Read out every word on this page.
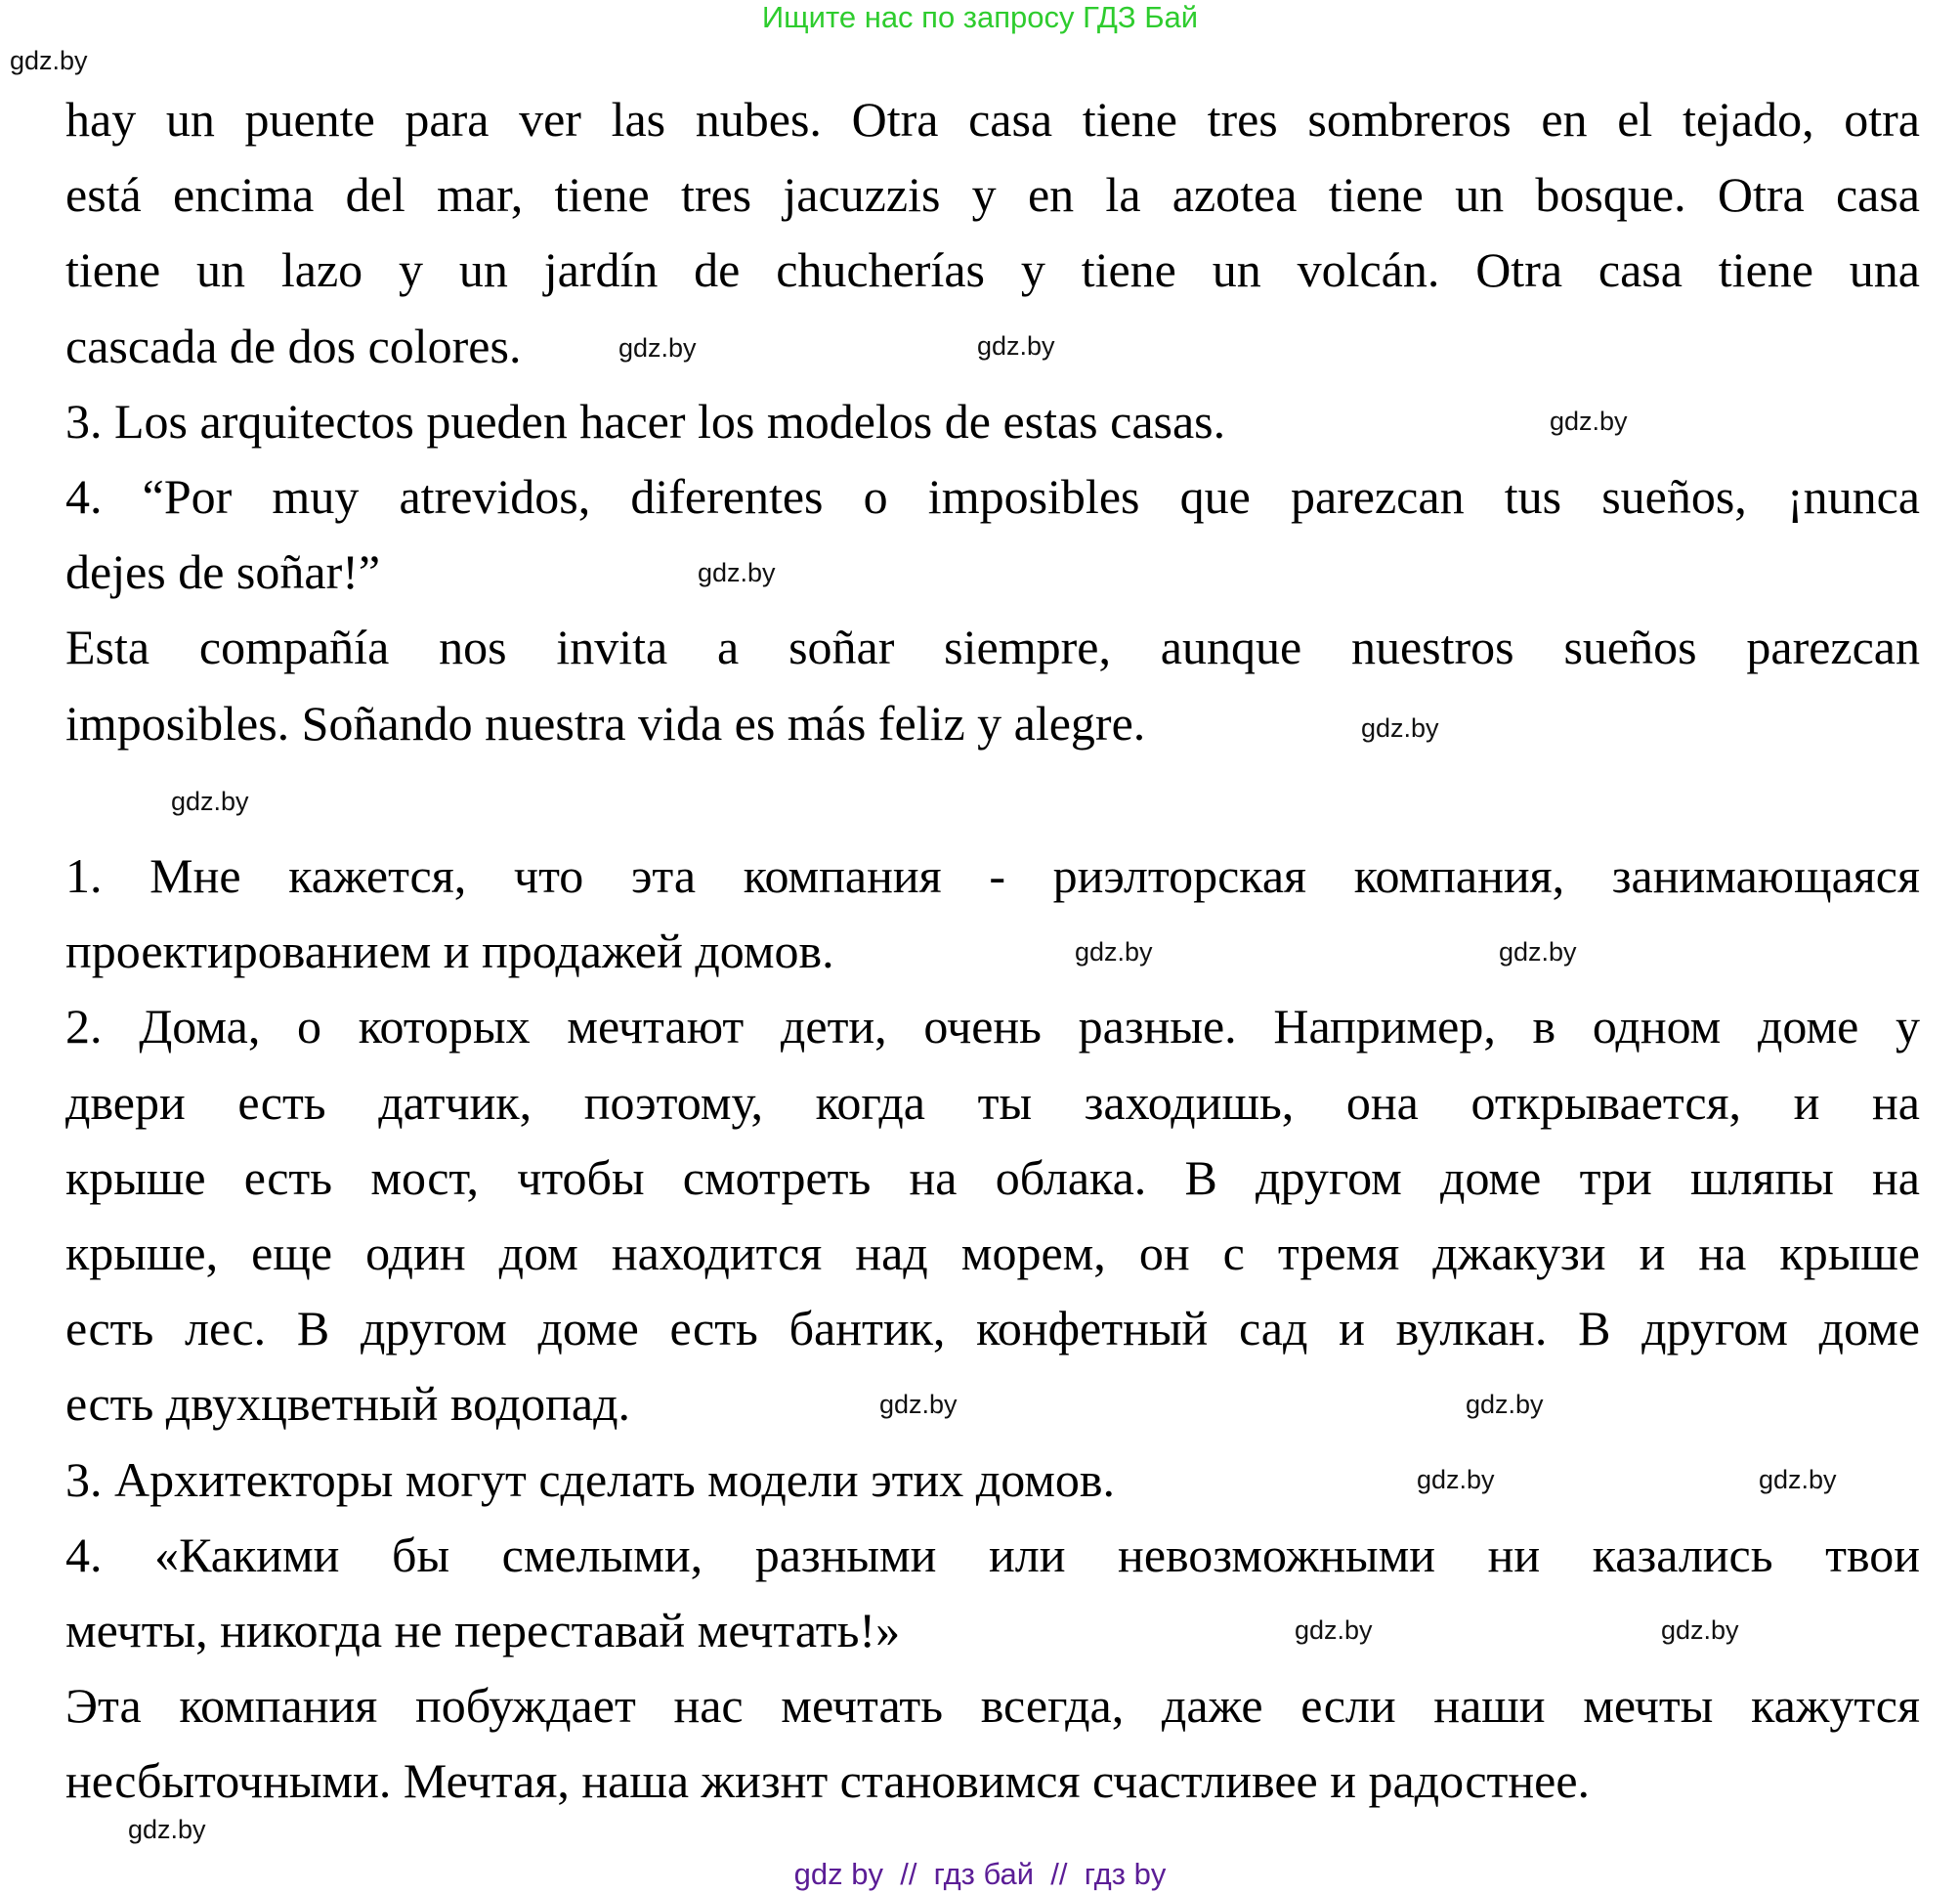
Ищите нас по запросу ГДЗ Бай
hay un puente para ver las nubes. Otra casa tiene tres sombreros en el tejado, otra
está encima del mar, tiene tres jacuzzis y en la azotea tiene un bosque. Otra casa
tiene un lazo y un jardín de chucherías y tiene un volcán. Otra casa tiene una
cascada de dos colores.
3. Los arquitectos pueden hacer los modelos de estas casas.
4. “Por muy atrevidos, diferentes o imposibles que parezcan tus sueños, ¡nunca
dejes de soñar!”
Esta compañía nos invita a soñar siempre, aunque nuestros sueños parezcan
imposibles. Soñando nuestra vida es más feliz y alegre.
1. Мне кажется, что эта компания - риэлторская компания, занимающаяся
проектированием и продажей домов.
2. Дома, о которых мечтают дети, очень разные. Например, в одном доме у
двери есть датчик, поэтому, когда ты заходишь, она открывается, и на
крыше есть мост, чтобы смотреть на облака. В другом доме три шляпы на
крыше, еще один дом находится над морем, он с тремя джакузи и на крыше
есть лес. В другом доме есть бантик, конфетный сад и вулкан. В другом доме
есть двухцветный водопад.
3. Архитекторы могут сделать модели этих домов.
4. «Какими бы смелыми, разными или невозможными ни казались твои
мечты, никогда не переставай мечтать!»
Эта компания побуждает нас мечтать всегда, даже если наши мечты кажутся
несбыточными. Мечтая, наша жизнт становимся счастливее и радостнее.
gdz.by
gdz.by
gdz.by
gdz.by
gdz.by
gdz.by
gdz.by
gdz.by
gdz.by
gdz.by
gdz.by
gdz.by	gdz.by
gdz.by	gdz.by
gdz.by
gdz by  //  гдз бай  //  гдз by
